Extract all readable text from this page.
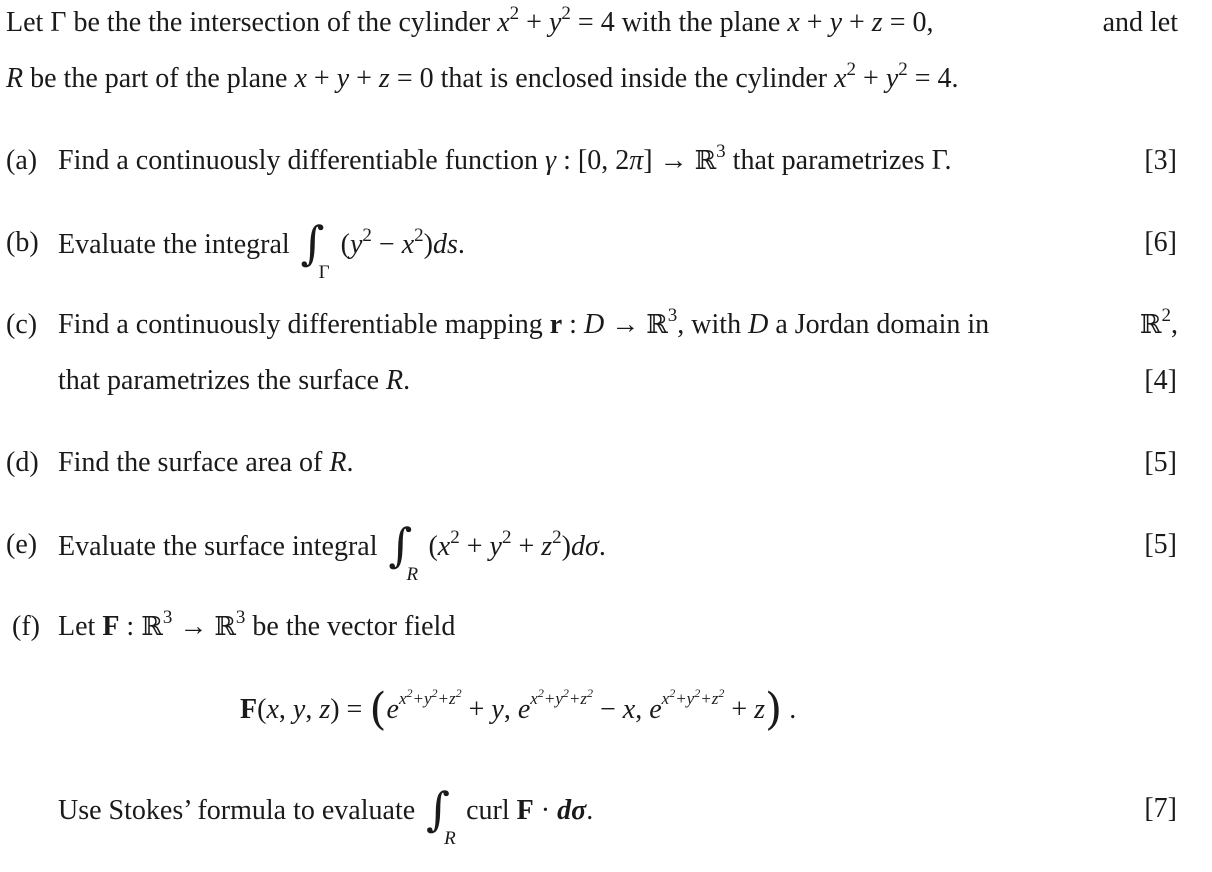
Let Γ be the the intersection of the cylinder $x^2 + y^2 = 4$ with the plane x + y + z = 0,	and let
R be the part of the plane x + y + z = 0 that is enclosed inside the cylinder $x^2 + y^2 = 4$.
(a) Find a continuously differentiable function γ : [0, 2π] → ℝ$^3$ that parametrizes Γ.	[3]
(b) Evaluate the integral ∫
Γ
$(y^2 - x^2)ds$.	[6]
(c) Find a continuously differentiable mapping r : D → ℝ$^3$, with D a Jordan domain in	ℝ$^2$,
that parametrizes the surface R.	[4]
(d) Find the surface area of R.	[5]
(e) Evaluate the surface integral ∫
R
$(x^2 + y^2 + z^2)d\sigma$.	[5]
(f) Let F : ℝ$^3$ → ℝ$^3$ be the vector field
F(x, y, $z) = (e^{x^2+y^2+z^2} + y$, $e^{x^2+y^2+z^2} - x$, $e^{x^2+y^2+z^2} + z$) .
Use Stokes’ formula to evaluate ∫
R
curl F · dσ.	[7]
